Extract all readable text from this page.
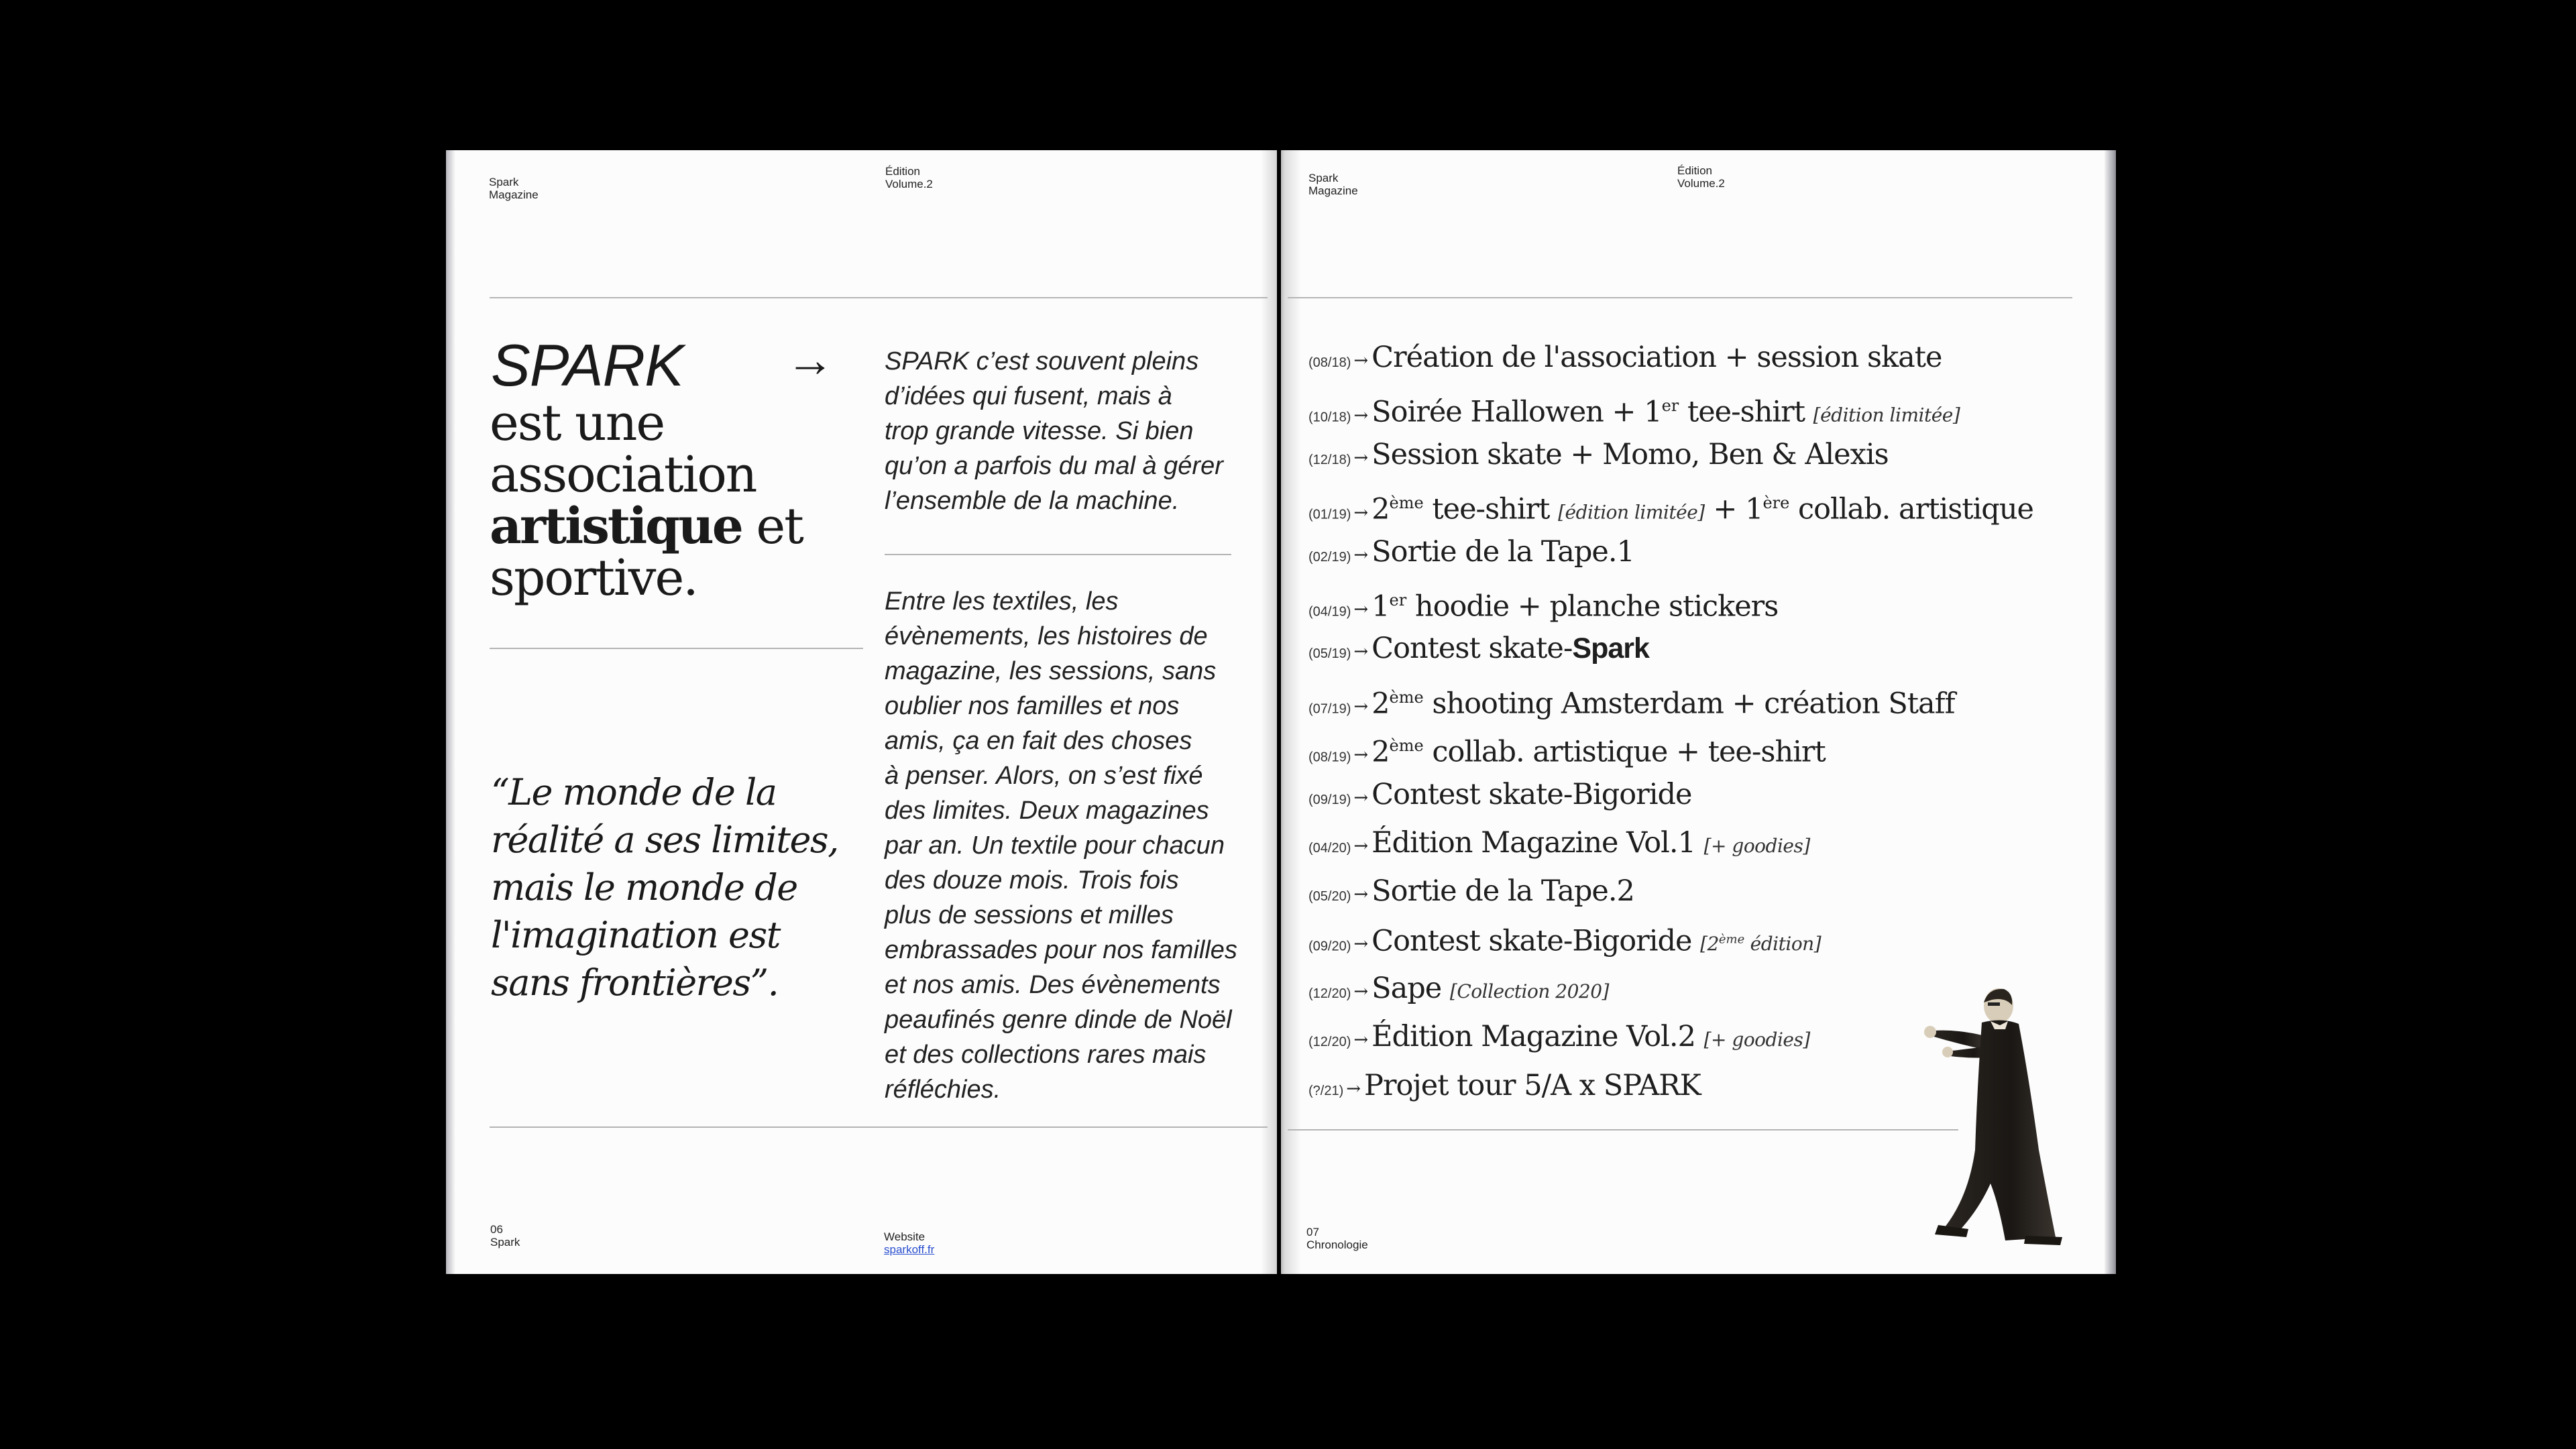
Spark
Magazine
Édition
Volume.2
SPARK →
est une
association
artistique et
sportive.
“Le monde de la
réalité a ses limites,
mais le monde de
l'imagination est
sans frontières”.
SPARK c’est souvent pleins
d’idées qui fusent, mais à
trop grande vitesse. Si bien
qu’on a parfois du mal à gérer
l’ensemble de la machine.
Entre les textiles, les
évènements, les histoires de
magazine, les sessions, sans
oublier nos familles et nos
amis, ça en fait des choses
à penser. Alors, on s’est fixé
des limites. Deux magazines
par an. Un textile pour chacun
des douze mois. Trois fois
plus de sessions et milles
embrassades pour nos familles
et nos amis. Des évènements
peaufinés genre dinde de Noël
et des collections rares mais
réfléchies.
06
Spark	Website
sparkoff.fr
Spark
Magazine
Édition
Volume.2
(08/18) → Création de l'association + session skate
(10/18) → Soirée Hallowen + 1er tee-shirt [édition limitée]
(12/18) → Session skate + Momo, Ben & Alexis
(01/19) → 2ème tee-shirt [édition limitée] + 1ère collab. artistique
(02/19) → Sortie de la Tape.1
(04/19) → 1er hoodie + planche stickers
(05/19) → Contest skate-Spark
(07/19) → 2ème shooting Amsterdam + création Staff
(08/19) → 2ème collab. artistique + tee-shirt
(09/19) → Contest skate-Bigoride
(04/20) → Édition Magazine Vol.1 [+ goodies]
(05/20) → Sortie de la Tape.2
(09/20) → Contest skate-Bigoride [2ème édition]
(12/20) → Sape [Collection 2020]
(12/20) → Édition Magazine Vol.2 [+ goodies]
(?/21) → Projet tour 5/A x SPARK
07
Chronologie
